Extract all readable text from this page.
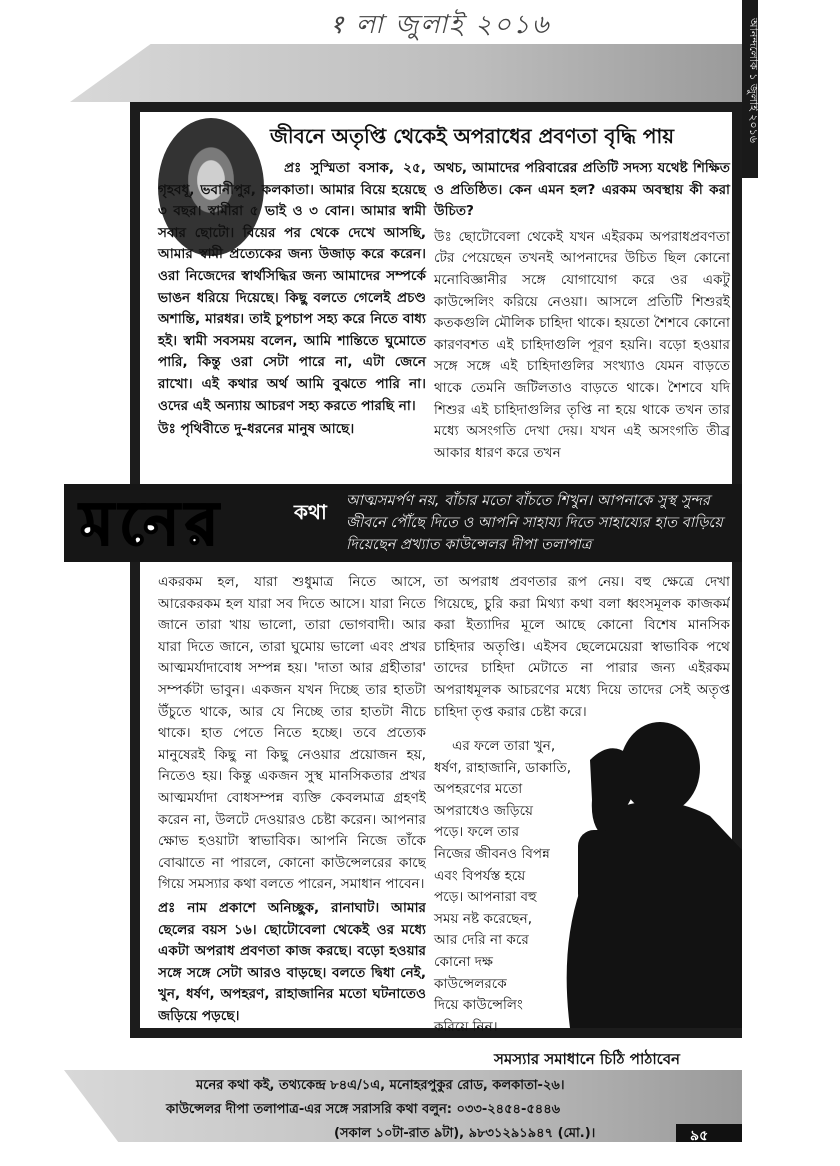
१ লা জুলাই ২০১৬	আনন্দলোক ১ জুলাই ২০১৬
জীবনে অতৃপ্তি থেকেই অপরাধের প্রবণতা বৃদ্ধি পায়

প্রঃ সুস্মিতা বসাক, ২৫, গৃহবধূ, ভবানীপুর, কলকাতা। আমার বিয়ে হয়েছে ৩ বছর। স্বামীরা ৫ ভাই ও ৩ বোন। আমার স্বামী সবার ছোটো। বিয়ের পর থেকে দেখে আসছি, আমার স্বামী প্রত্যেকের জন্য উজাড় করে করেন। ওরা নিজেদের স্বার্থসিদ্ধির জন্য আমাদের সম্পর্কে ভাঙন ধরিয়ে দিয়েছে। কিছু বলতে গেলেই প্রচণ্ড অশান্তি, মারধর। তাই চুপচাপ সহ্য করে নিতে বাধ্য হই। স্বামী সবসময় বলেন, আমি শান্তিতে ঘুমোতে পারি, কিন্তু ওরা সেটা পারে না, এটা জেনে রাখো। এই কথার অর্থ আমি বুঝতে পারি না। ওদের এই অন্যায় আচরণ সহ্য করতে পারছি না।

উঃ পৃথিবীতে দু-ধরনের মানুষ আছে।

অথচ, আমাদের পরিবারের প্রতিটি সদস্য যথেষ্ট শিক্ষিত ও প্রতিষ্ঠিত। কেন এমন হল? এরকম অবস্থায় কী করা উচিত?

উঃ ছোটোবেলা থেকেই যখন এইরকম অপরাধপ্রবণতা টের পেয়েছেন তখনই আপনাদের উচিত ছিল কোনো মনোবিজ্ঞানীর সঙ্গে যোগাযোগ করে ওর একটু কাউন্সেলিং করিয়ে নেওয়া। আসলে প্রতিটি শিশুরই কতকগুলি মৌলিক চাহিদা থাকে। হয়তো শৈশবে কোনো কারণবশত এই চাহিদাগুলি পূরণ হয়নি। বড়ো হওয়ার সঙ্গে সঙ্গে এই চাহিদাগুলির সংখ্যাও যেমন বাড়তে থাকে তেমনি জটিলতাও বাড়তে থাকে। শৈশবে যদি শিশুর এই চাহিদাগুলির তৃপ্তি না হয়ে থাকে তখন তার মধ্যে অসংগতি দেখা দেয়। যখন এই অসংগতি তীব্র আকার ধারণ করে তখন

মনের	কথা আত্মসমর্পণ নয়, বাঁচার মতো বাঁচতে শিখুন। আপনাকে সুস্থ সুন্দর জীবনে পৌঁছে দিতে ও আপনি সাহায্য দিতে সাহায্যের হাত বাড়িয়ে দিয়েছেন প্রখ্যাত কাউন্সেলর দীপা তলাপাত্র

একরকম হল, যারা শুধুমাত্র নিতে আসে, আরেকরকম হল যারা সব দিতে আসে। যারা নিতে জানে তারা খায় ভালো, তারা ভোগবাদী। আর যারা দিতে জানে, তারা ঘুমোয় ভালো এবং প্রখর আত্মমর্যাদাবোধ সম্পন্ন হয়। 'দাতা আর গ্রহীতার' সম্পর্কটা ভাবুন। একজন যখন দিচ্ছে তার হাতটা উঁচুতে থাকে, আর যে নিচ্ছে তার হাতটা নীচে থাকে। হাত পেতে নিতে হচ্ছে। তবে প্রত্যেক মানুষেরই কিছু না কিছু নেওয়ার প্রয়োজন হয়, নিতেও হয়। কিন্তু একজন সুস্থ মানসিকতার প্রখর আত্মমর্যাদা বোধসম্পন্ন ব্যক্তি কেবলমাত্র গ্রহণই করেন না, উলটে দেওয়ারও চেষ্টা করেন। আপনার ক্ষোভ হওয়াটা স্বাভাবিক। আপনি নিজে তাঁকে বোঝাতে না পারলে, কোনো কাউন্সেলরের কাছে গিয়ে সমস্যার কথা বলতে পারেন, সমাধান পাবেন।

প্রঃ নাম প্রকাশে অনিচ্ছুক, রানাঘাট। আমার ছেলের বয়স ১৬। ছোটোবেলা থেকেই ওর মধ্যে একটা অপরাধ প্রবণতা কাজ করছে। বড়ো হওয়ার সঙ্গে সঙ্গে সেটা আরও বাড়ছে। বলতে দ্বিধা নেই, খুন, ধর্ষণ, অপহরণ, রাহাজানির মতো ঘটনাতেও জড়িয়ে পড়ছে।

তা অপরাধ প্রবণতার রূপ নেয়। বহু ক্ষেত্রে দেখা গিয়েছে, চুরি করা মিথ্যা কথা বলা ধ্বংসমূলক কাজকর্ম করা ইত্যাদির মূলে আছে কোনো বিশেষ মানসিক চাহিদার অতৃপ্তি। এইসব ছেলেমেয়েরা স্বাভাবিক পথে তাদের চাহিদা মেটাতে না পারার জন্য এইরকম অপরাধমূলক আচরণের মধ্যে দিয়ে তাদের সেই অতৃপ্ত চাহিদা তৃপ্ত করার চেষ্টা করে।

এর ফলে তারা খুন,
ধর্ষণ, রাহাজানি, ডাকাতি,
অপহরণের মতো
অপরাধেও জড়িয়ে
পড়ে। ফলে তার
নিজের জীবনও বিপন্ন
এবং বিপর্যস্ত হয়ে
পড়ে। আপনারা বহু
সময় নষ্ট করেছেন,
আর দেরি না করে
কোনো দক্ষ
কাউন্সেলরকে
দিয়ে কাউন্সেলিং
করিয়ে নিন।
সমস্যার সমাধানে চিঠি পাঠাবেন
মনের কথা কই, তথ্যকেন্দ্র ৮৪এ/১এ, মনোহরপুকুর রোড, কলকাতা-২৬।
কাউন্সেলর দীপা তলাপাত্র-এর সঙ্গে সরাসরি কথা বলুন: ০৩৩-২৪৫৪-৫৪৪৬
(সকাল ১০টা-রাত ৯টা), ৯৮৩১২৯১৯৪৭ (মো.)।	৯৫
